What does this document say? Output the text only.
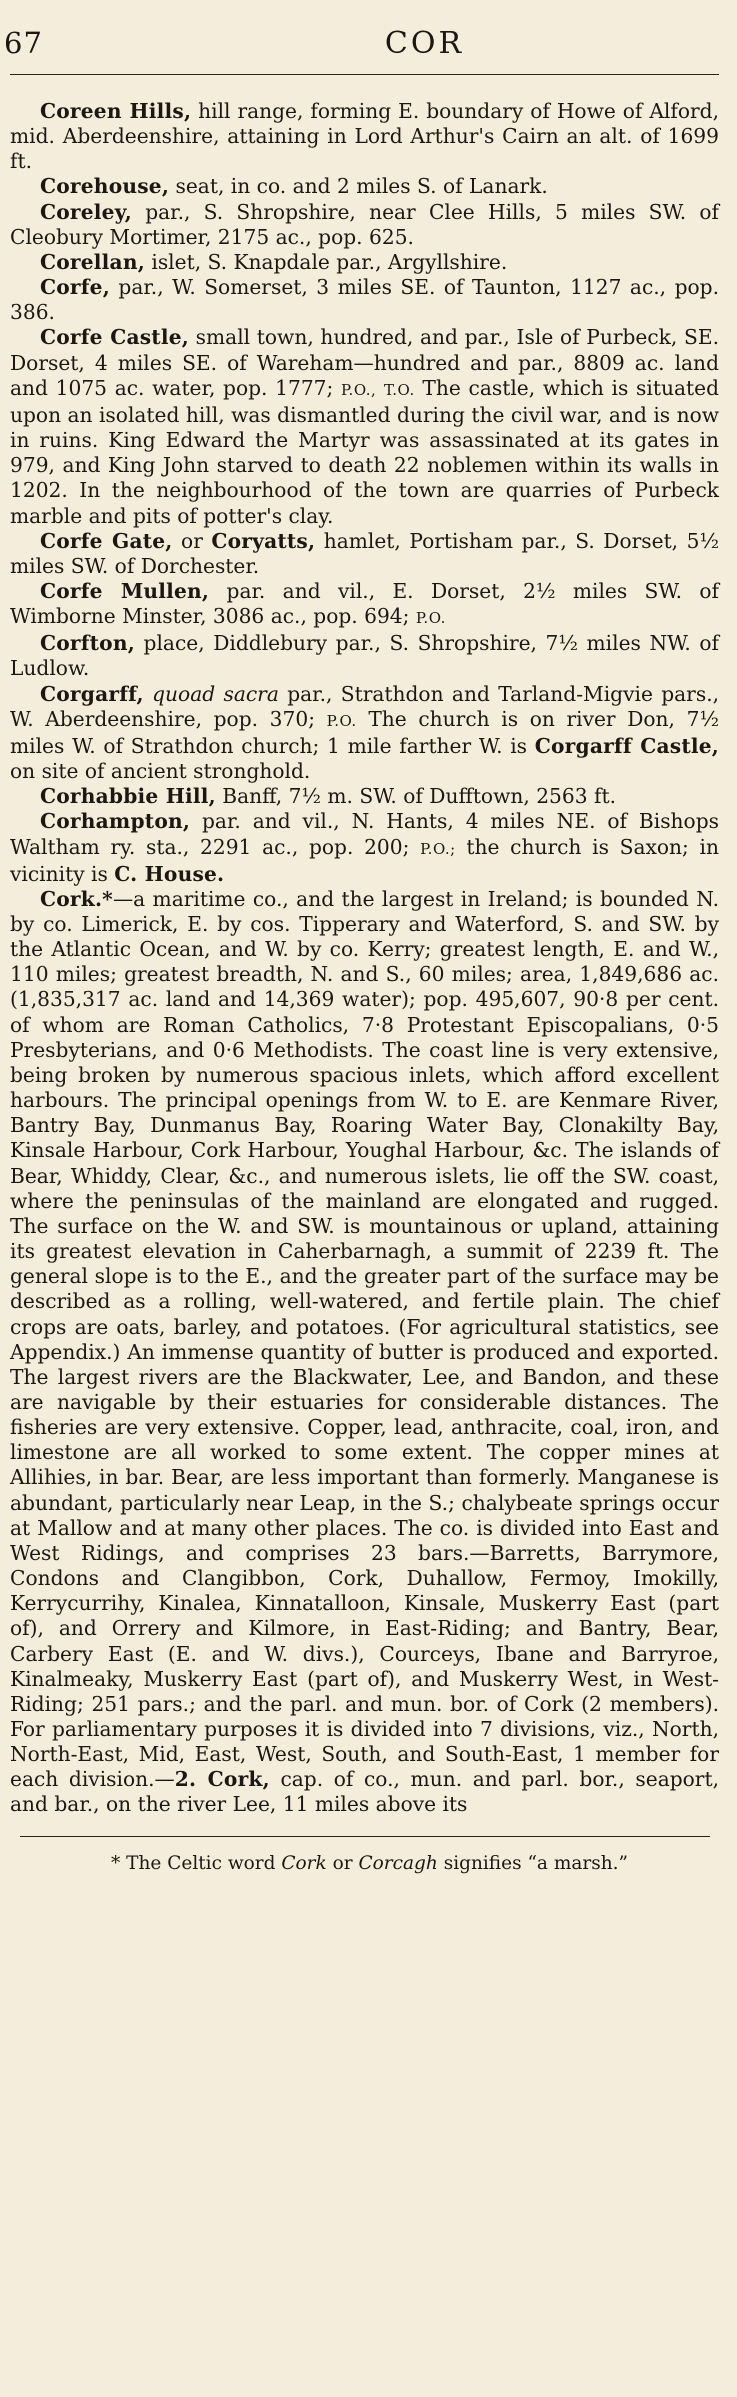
67	COR

Coreen Hills, hill range, forming E. boundary of Howe of Alford, mid. Aberdeenshire, attaining in Lord Arthur's Cairn an alt. of 1699 ft.

Corehouse, seat, in co. and 2 miles S. of Lanark.

Coreley, par., S. Shropshire, near Clee Hills, 5 miles SW. of Cleobury Mortimer, 2175 ac., pop. 625.

Corellan, islet, S. Knapdale par., Argyllshire.

Corfe, par., W. Somerset, 3 miles SE. of Taunton, 1127 ac., pop. 386.

Corfe Castle, small town, hundred, and par., Isle of Purbeck, SE. Dorset, 4 miles SE. of Wareham—hundred and par., 8809 ac. land and 1075 ac. water, pop. 1777; P.O., T.O. The castle, which is situated upon an isolated hill, was dismantled during the civil war, and is now in ruins. King Edward the Martyr was assassinated at its gates in 979, and King John starved to death 22 noblemen within its walls in 1202. In the neighbourhood of the town are quarries of Purbeck marble and pits of potter's clay.

Corfe Gate, or Coryatts, hamlet, Portisham par., S. Dorset, 5½ miles SW. of Dorchester.

Corfe Mullen, par. and vil., E. Dorset, 2½ miles SW. of Wimborne Minster, 3086 ac., pop. 694; P.O.

Corfton, place, Diddlebury par., S. Shropshire, 7½ miles NW. of Ludlow.

Corgarff, quoad sacra par., Strathdon and Tarland-Migvie pars., W. Aberdeenshire, pop. 370; P.O. The church is on river Don, 7½ miles W. of Strathdon church; 1 mile farther W. is Corgarff Castle, on site of ancient stronghold.

Corhabbie Hill, Banff, 7½ m. SW. of Dufftown, 2563 ft.

Corhampton, par. and vil., N. Hants, 4 miles NE. of Bishops Waltham ry. sta., 2291 ac., pop. 200; P.O.; the church is Saxon; in vicinity is C. House.

Cork.*—a maritime co., and the largest in Ireland; is bounded N. by co. Limerick, E. by cos. Tipperary and Waterford, S. and SW. by the Atlantic Ocean, and W. by co. Kerry; greatest length, E. and W., 110 miles; greatest breadth, N. and S., 60 miles; area, 1,849,686 ac. (1,835,317 ac. land and 14,369 water); pop. 495,607, 90·8 per cent. of whom are Roman Catholics, 7·8 Protestant Episcopalians, 0·5 Presbyterians, and 0·6 Methodists. The coast line is very extensive, being broken by numerous spacious inlets, which afford excellent harbours. The principal openings from W. to E. are Kenmare River, Bantry Bay, Dunmanus Bay, Roaring Water Bay, Clonakilty Bay, Kinsale Harbour, Cork Harbour, Youghal Harbour, &c. The islands of Bear, Whiddy, Clear, &c., and numerous islets, lie off the SW. coast, where the peninsulas of the mainland are elongated and rugged. The surface on the W. and SW. is mountainous or upland, attaining its greatest elevation in Caherbarnagh, a summit of 2239 ft. The general slope is to the E., and the greater part of the surface may be described as a rolling, well-watered, and fertile plain. The chief crops are oats, barley, and potatoes. (For agricultural statistics, see Appendix.) An immense quantity of butter is produced and exported. The largest rivers are the Blackwater, Lee, and Bandon, and these are navigable by their estuaries for considerable distances. The fisheries are very extensive. Copper, lead, anthracite, coal, iron, and limestone are all worked to some extent. The copper mines at Allihies, in bar. Bear, are less important than formerly. Manganese is abundant, particularly near Leap, in the S.; chalybeate springs occur at Mallow and at many other places. The co. is divided into East and West Ridings, and comprises 23 bars.—Barretts, Barrymore, Condons and Clangibbon, Cork, Duhallow, Fermoy, Imokilly, Kerrycurrihy, Kinalea, Kinnatalloon, Kinsale, Muskerry East (part of), and Orrery and Kilmore, in East-Riding; and Bantry, Bear, Carbery East (E. and W. divs.), Courceys, Ibane and Barryroe, Kinalmeaky, Muskerry East (part of), and Muskerry West, in West-Riding; 251 pars.; and the parl. and mun. bor. of Cork (2 members). For parliamentary purposes it is divided into 7 divisions, viz., North, North-East, Mid, East, West, South, and South-East, 1 member for each division.—2. Cork, cap. of co., mun. and parl. bor., seaport, and bar., on the river Lee, 11 miles above its

* The Celtic word Cork or Corcagh signifies “a marsh.”
